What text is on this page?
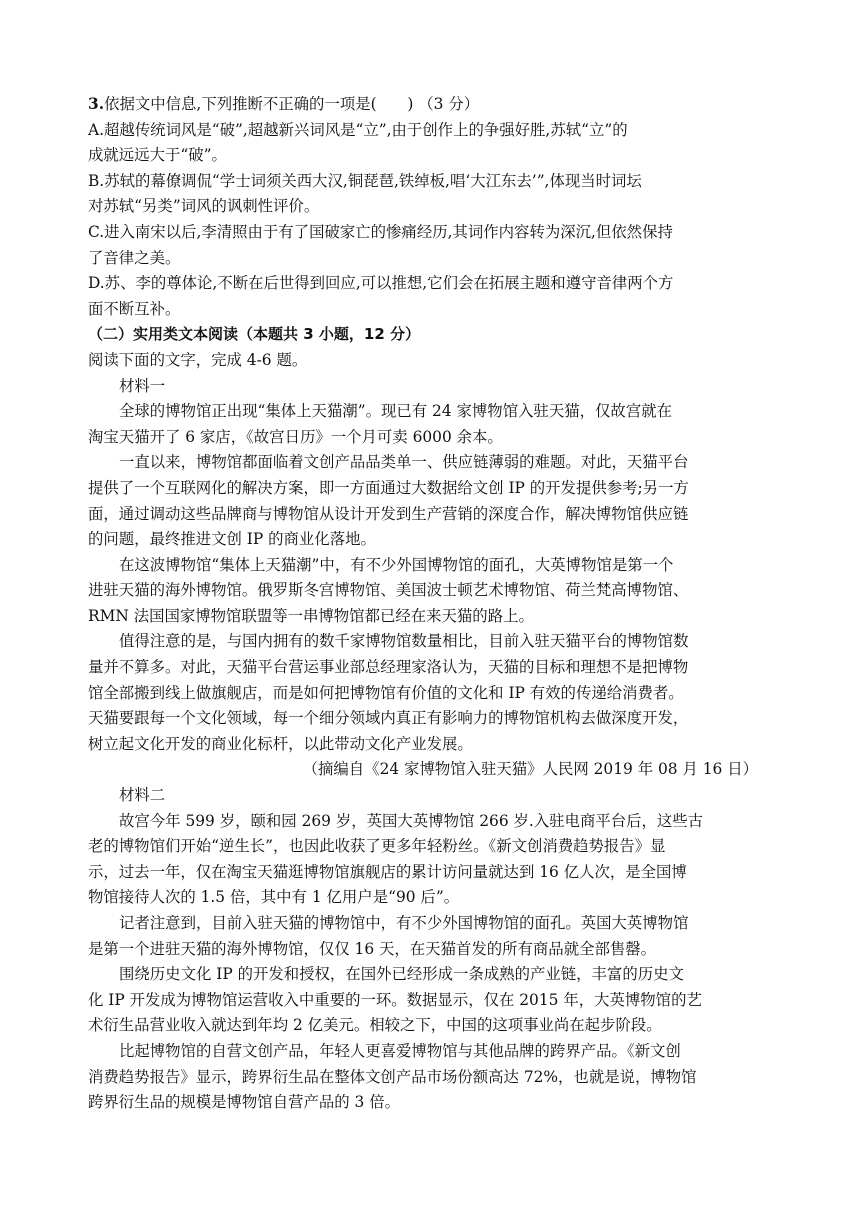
3.依据文中信息,下列推断不正确的一项是(　　) （3 分）
A.超越传统词风是“破”,超越新兴词风是“立”,由于创作上的争强好胜,苏轼“立”的
成就远远大于“破”。
B.苏轼的幕僚调侃“学士词须关西大汉,铜琵琶,铁绰板,唱‘大江东去’”,体现当时词坛
对苏轼“另类”词风的讽刺性评价。
C.进入南宋以后,李清照由于有了国破家亡的惨痛经历,其词作内容转为深沉,但依然保持
了音律之美。
D.苏、李的尊体论,不断在后世得到回应,可以推想,它们会在拓展主题和遵守音律两个方
面不断互补。
（二）实用类文本阅读（本题共 3 小题，12 分）
阅读下面的文字，完成 4-6 题。
材料一
全球的博物馆正出现“集体上天猫潮”。现已有 24 家博物馆入驻天猫，仅故宫就在
淘宝天猫开了 6 家店，《故宫日历》一个月可卖 6000 余本。
一直以来，博物馆都面临着文创产品品类单一、供应链薄弱的难题。对此，天猫平台
提供了一个互联网化的解决方案，即一方面通过大数据给文创 IP 的开发提供参考;另一方
面，通过调动这些品牌商与博物馆从设计开发到生产营销的深度合作，解决博物馆供应链
的问题，最终推进文创 IP 的商业化落地。
在这波博物馆“集体上天猫潮”中，有不少外国博物馆的面孔，大英博物馆是第一个
进驻天猫的海外博物馆。俄罗斯冬宫博物馆、美国波士顿艺术博物馆、荷兰梵高博物馆、
RMN 法国国家博物馆联盟等一串博物馆都已经在来天猫的路上。
值得注意的是，与国内拥有的数千家博物馆数量相比，目前入驻天猫平台的博物馆数
量并不算多。对此，天猫平台营运事业部总经理家洛认为，天猫的目标和理想不是把博物
馆全部搬到线上做旗舰店，而是如何把博物馆有价值的文化和 IP 有效的传递给消费者。
天猫要跟每一个文化领域，每一个细分领域内真正有影响力的博物馆机构去做深度开发，
树立起文化开发的商业化标杆，以此带动文化产业发展。
（摘编自《24 家博物馆入驻天猫》人民网 2019 年 08 月 16 日）
材料二
故宫今年 599 岁，颐和园 269 岁，英国大英博物馆 266 岁.入驻电商平台后，这些古
老的博物馆们开始“逆生长”，也因此收获了更多年轻粉丝。《新文创消费趋势报告》显
示，过去一年，仅在淘宝天猫逛博物馆旗舰店的累计访问量就达到 16 亿人次，是全国博
物馆接待人次的 1.5 倍，其中有 1 亿用户是“90 后”。
记者注意到，目前入驻天猫的博物馆中，有不少外国博物馆的面孔。英国大英博物馆
是第一个进驻天猫的海外博物馆，仅仅 16 天，在天猫首发的所有商品就全部售罄。
围绕历史文化 IP 的开发和授权，在国外已经形成一条成熟的产业链，丰富的历史文
化 IP 开发成为博物馆运营收入中重要的一环。数据显示，仅在 2015 年，大英博物馆的艺
术衍生品营业收入就达到年均 2 亿美元。相较之下，中国的这项事业尚在起步阶段。
比起博物馆的自营文创产品，年轻人更喜爱博物馆与其他品牌的跨界产品。《新文创
消费趋势报告》显示，跨界衍生品在整体文创产品市场份额高达 72%，也就是说，博物馆
跨界衍生品的规模是博物馆自营产品的 3 倍。
